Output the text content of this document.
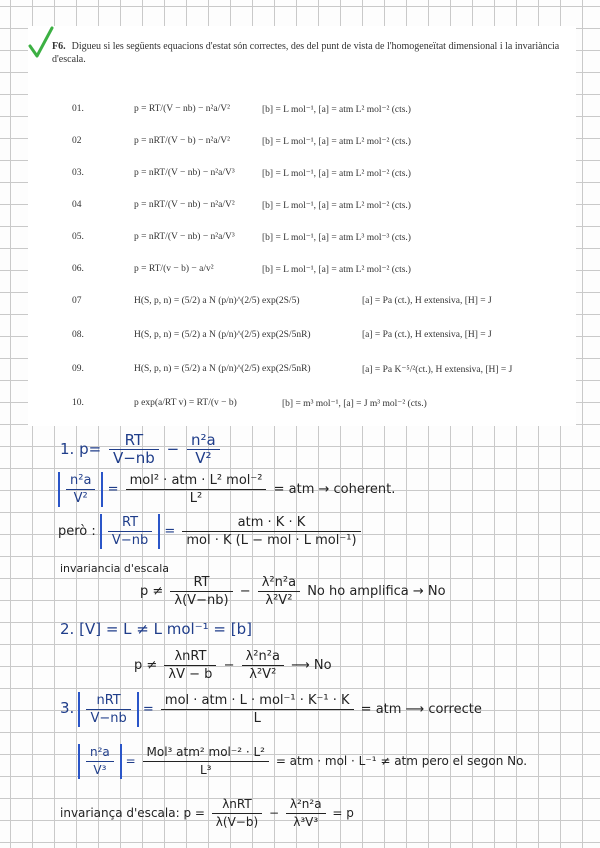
F6. Digueu si les següents equacions d'estat són correctes, des del punt de vista de l'homogeneïtat dimensional i la invariància d'escala.
01.	p = RT/(V − nb) − n²a/V²	[b] = L mol⁻¹, [a] = atm L² mol⁻² (cts.)
02	p = nRT/(V − b) − n²a/V²	[b] = L mol⁻¹, [a] = atm L² mol⁻² (cts.)
03.	p = nRT/(V − nb) − n²a/V³	[b] = L mol⁻¹, [a] = atm L² mol⁻² (cts.)
04	p = nRT/(V − nb) − n²a/V²	[b] = L mol⁻¹, [a] = atm L² mol⁻² (cts.)
05.	p = nRT/(V − nb) − n²a/V³	[b] = L mol⁻¹, [a] = atm L³ mol⁻³ (cts.)
06.	p = RT/(v − b) − a/v²	[b] = L mol⁻¹, [a] = atm L² mol⁻² (cts.)
07	H(S, p, n) = (5/2) a N (p/n)^(2/5) exp(2S/5)	[a] = Pa (ct.), H extensiva, [H] = J
08.	H(S, p, n) = (5/2) a N (p/n)^(2/5) exp(2S/5nR)	[a] = Pa (ct.), H extensiva, [H] = J
09.	H(S, p, n) = (5/2) a N (p/n)^(2/5) exp(2S/5nR)	[a] = Pa K⁻⁵/²(ct.), H extensiva, [H] = J
10.	p exp(a/RT v) = RT/(v − b)	[b] = m³ mol⁻¹, [a] = J m³ mol⁻² (cts.)
1. $p= \frac{RT}{V-nb} - \frac{\text{n²a}}{\text{V²}}$
$\frac{\text{n²a}}{\text{V²}}$ =
mol² · atm · L² mol⁻²
L²
= atm → coherent.
però : $\frac{RT}{V-nb}$ =
atm · K · K
mol · K (L − mol · L mol⁻¹)
invariancia d'escala
$p \ne \frac{RT}{\lambda(V-nb)} - \frac{\text{λ²n²a}}{\text{λ²V²}}$ No ho amplifica → No
2. [V] = L ≠ L mol⁻¹ = [b]
p ≠
λnRT
λV − b
− $\frac{\text{λ²n²a}}{\text{λ²V²}}$ ⟶ No
3.	nRT
V−nb
=
mol · atm · L · mol⁻¹ · K⁻¹ · K
L
= atm ⟶ correcte
$\frac{\text{n²a}}{\text{V³}}$ =
Mol³ atm² mol⁻² · L²
L³
= atm · mol · L⁻¹ ≠ atm pero el segon No.
invariança d'escala: p =
λnRT
λ(V−b)
− $\frac{\text{λ²n²a}}{\text{λ³V³}} = p$
